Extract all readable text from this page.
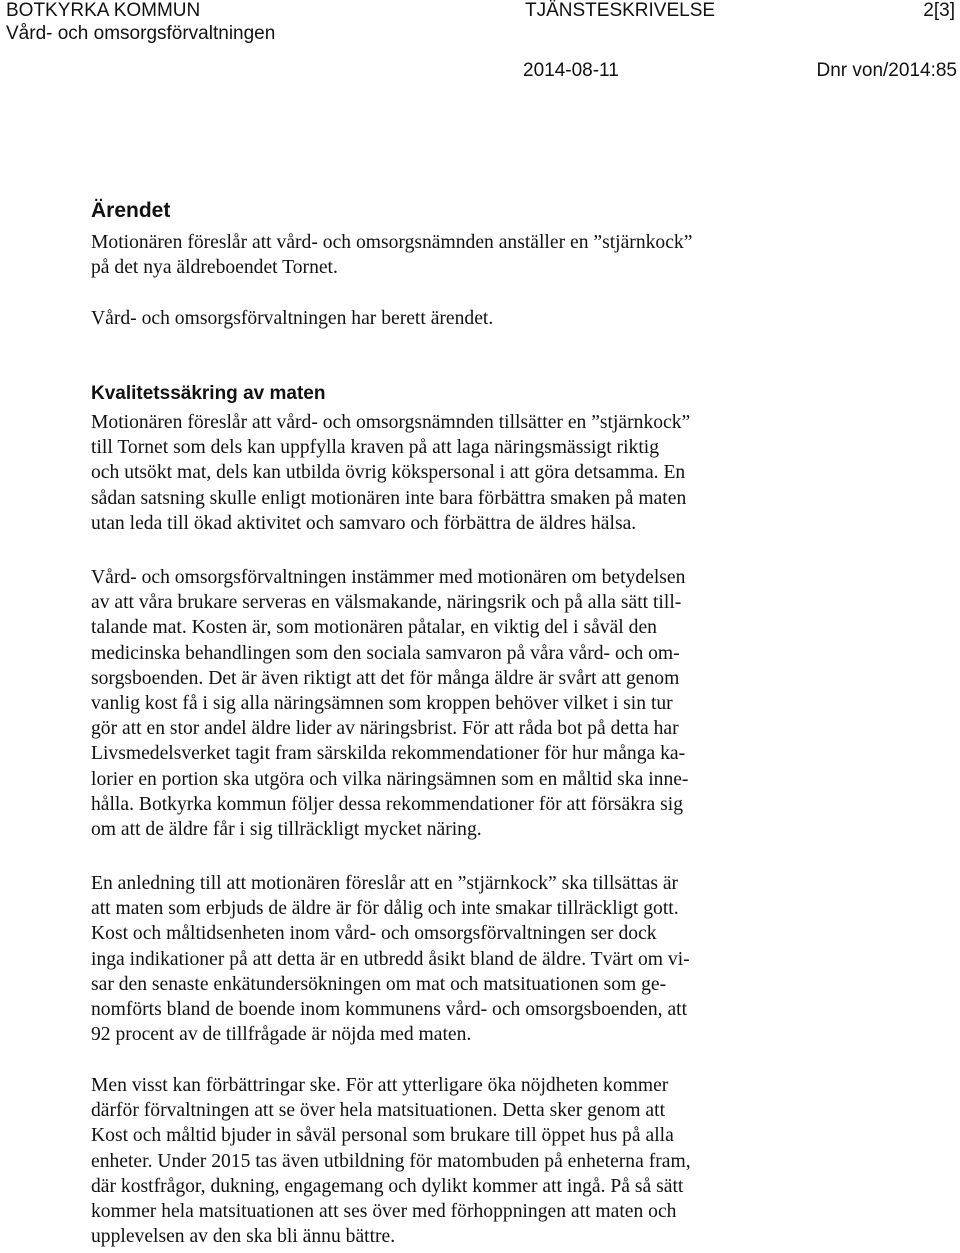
BOTKYRKA KOMMUN
Vård- och omsorgsförvaltningen
TJÄNSTESKRIVELSE	2[3]
2014-08-11	Dnr von/2014:85
Ärendet

Motionären föreslår att vård- och omsorgsnämnden anställer en ”stjärnkock”
på det nya äldreboendet Tornet.

Vård- och omsorgsförvaltningen har berett ärendet.

Kvalitetssäkring av maten

Motionären föreslår att vård- och omsorgsnämnden tillsätter en ”stjärnkock”
till Tornet som dels kan uppfylla kraven på att laga näringsmässigt riktig
och utsökt mat, dels kan utbilda övrig kökspersonal i att göra detsamma. En
sådan satsning skulle enligt motionären inte bara förbättra smaken på maten
utan leda till ökad aktivitet och samvaro och förbättra de äldres hälsa.

Vård- och omsorgsförvaltningen instämmer med motionären om betydelsen
av att våra brukare serveras en välsmakande, näringsrik och på alla sätt till-
talande mat. Kosten är, som motionären påtalar, en viktig del i såväl den
medicinska behandlingen som den sociala samvaron på våra vård- och om-
sorgsboenden. Det är även riktigt att det för många äldre är svårt att genom
vanlig kost få i sig alla näringsämnen som kroppen behöver vilket i sin tur
gör att en stor andel äldre lider av näringsbrist. För att råda bot på detta har
Livsmedelsverket tagit fram särskilda rekommendationer för hur många ka-
lorier en portion ska utgöra och vilka näringsämnen som en måltid ska inne-
hålla. Botkyrka kommun följer dessa rekommendationer för att försäkra sig
om att de äldre får i sig tillräckligt mycket näring.

En anledning till att motionären föreslår att en ”stjärnkock” ska tillsättas är
att maten som erbjuds de äldre är för dålig och inte smakar tillräckligt gott.
Kost och måltidsenheten inom vård- och omsorgsförvaltningen ser dock
inga indikationer på att detta är en utbredd åsikt bland de äldre. Tvärt om vi-
sar den senaste enkätundersökningen om mat och matsituationen som ge-
nomförts bland de boende inom kommunens vård- och omsorgsboenden, att
92 procent av de tillfrågade är nöjda med maten.

Men visst kan förbättringar ske. För att ytterligare öka nöjdheten kommer
därför förvaltningen att se över hela matsituationen. Detta sker genom att
Kost och måltid bjuder in såväl personal som brukare till öppet hus på alla
enheter. Under 2015 tas även utbildning för matombuden på enheterna fram,
där kostfrågor, dukning, engagemang och dylikt kommer att ingå. På så sätt
kommer hela matsituationen att ses över med förhoppningen att maten och
upplevelsen av den ska bli ännu bättre.
